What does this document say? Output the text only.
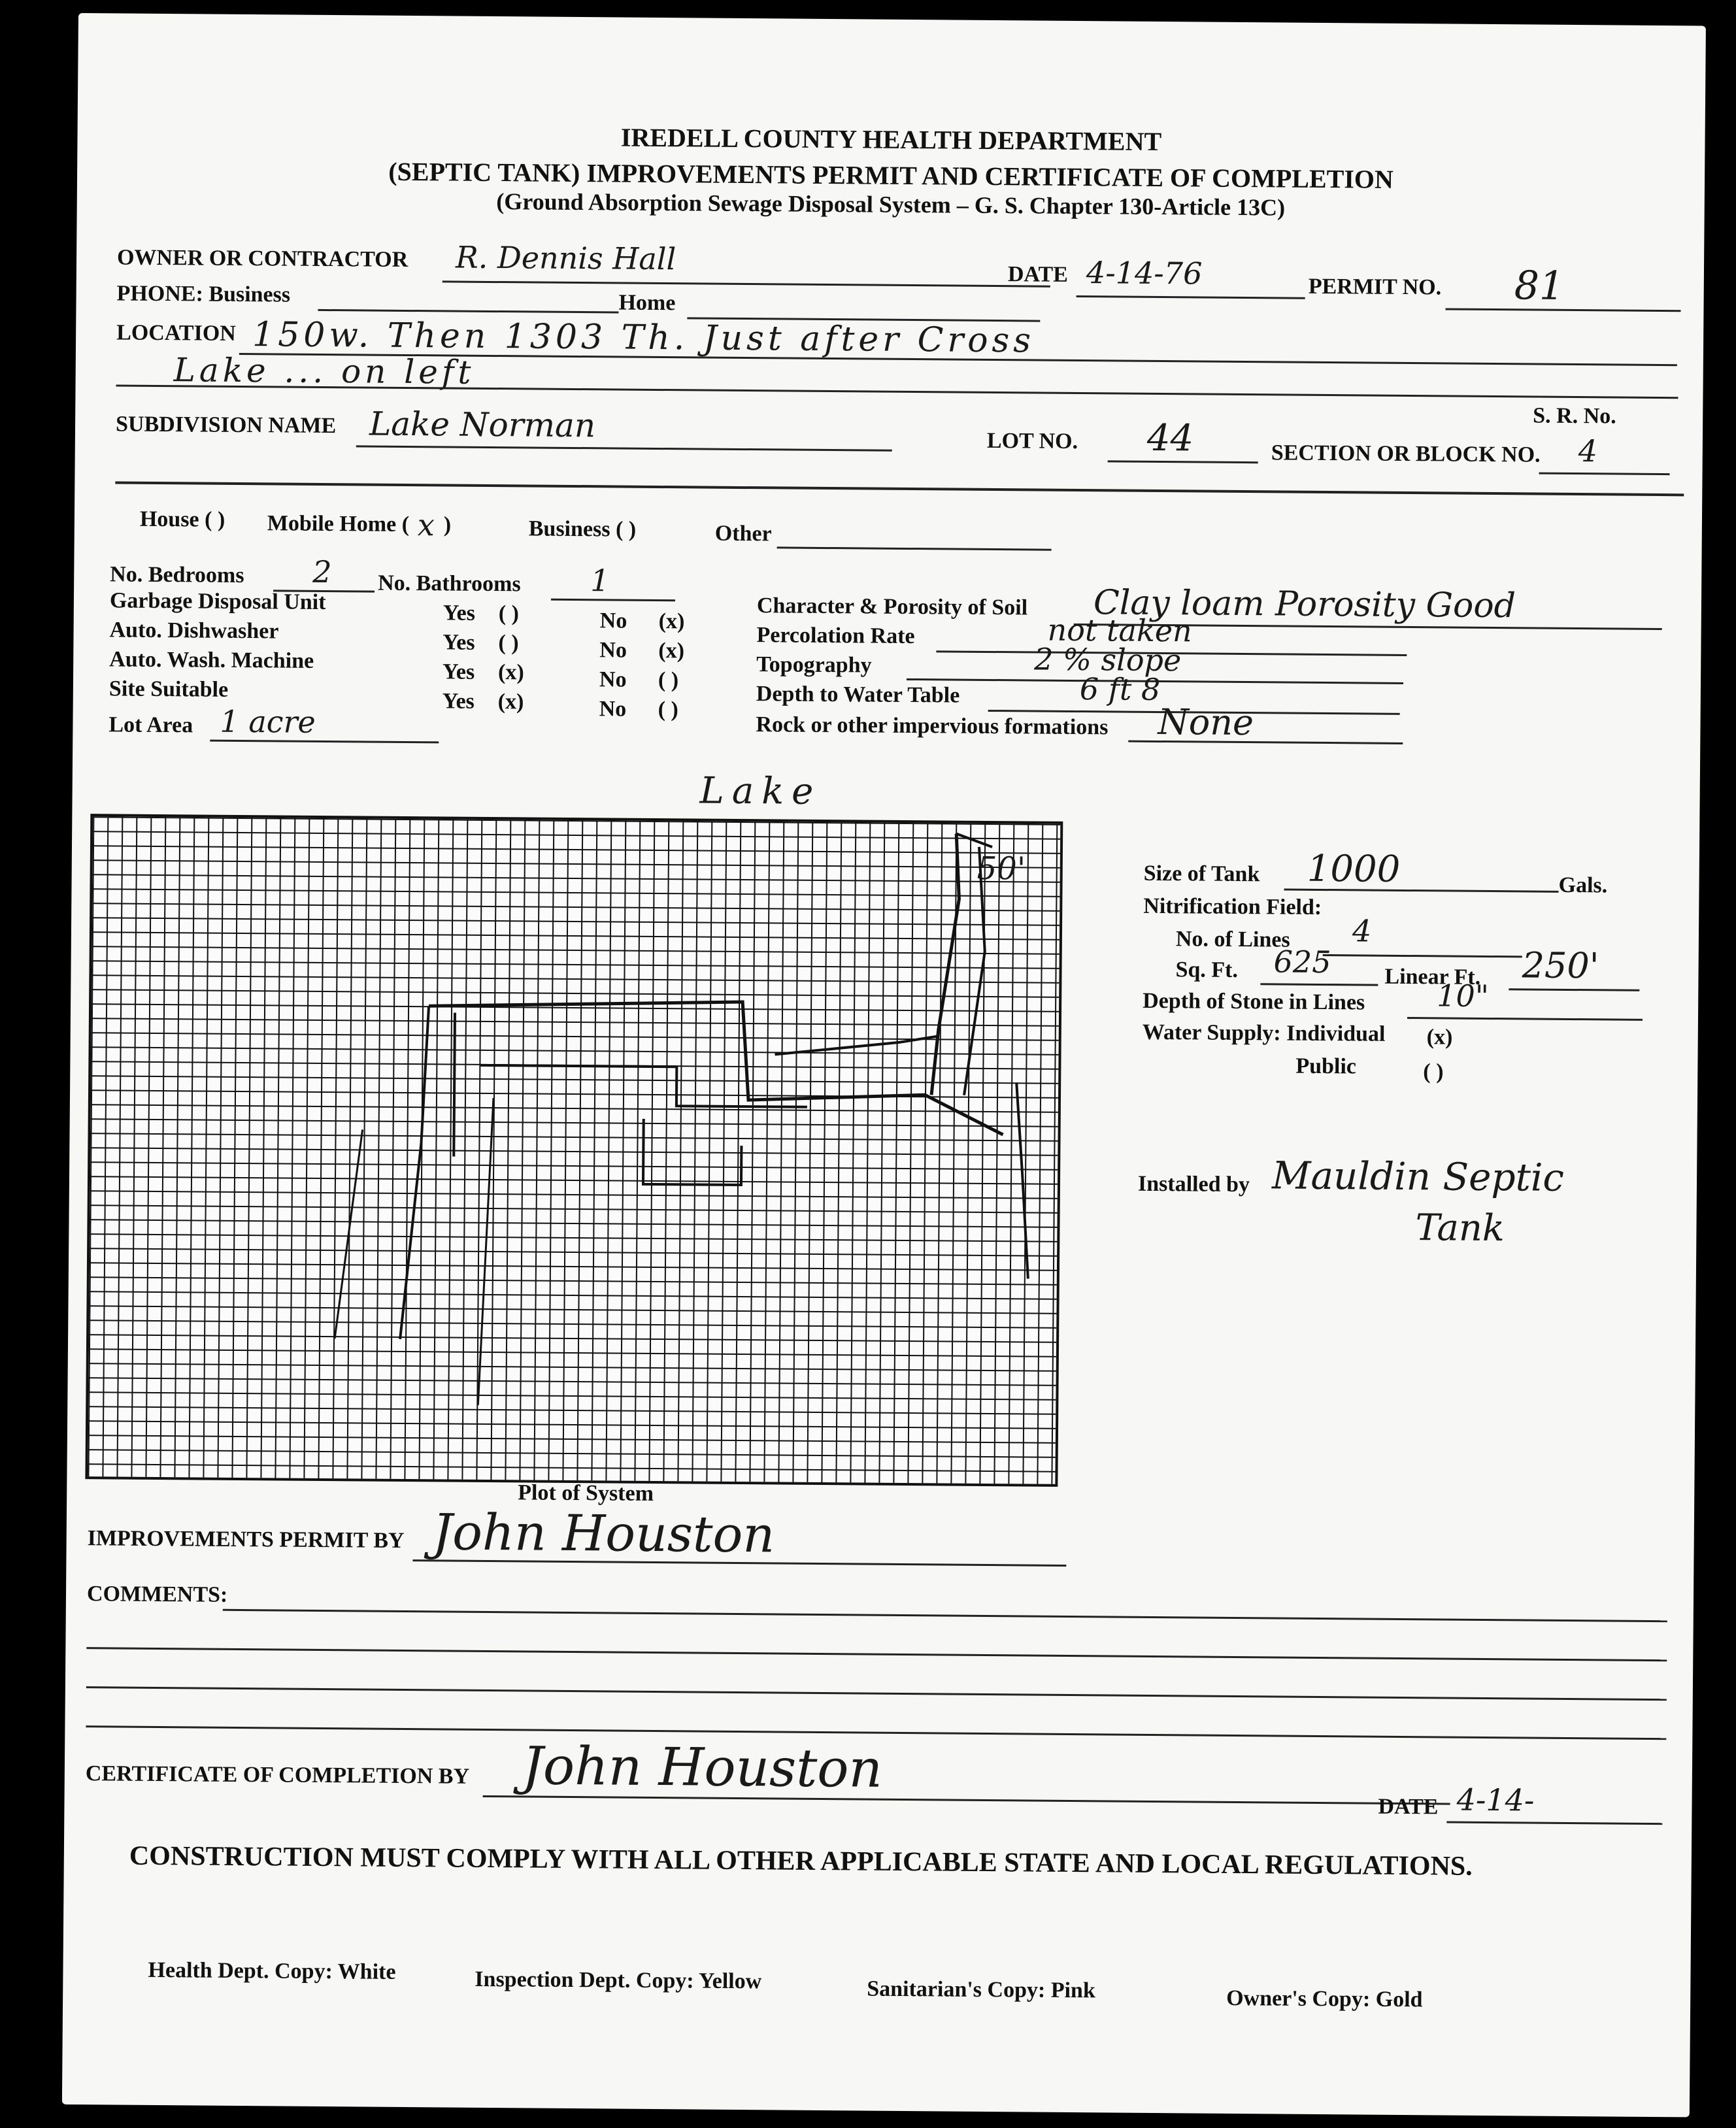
IREDELL COUNTY HEALTH DEPARTMENT
(SEPTIC TANK) IMPROVEMENTS PERMIT AND CERTIFICATE OF COMPLETION
(Ground Absorption Sewage Disposal System – G. S. Chapter 130-Article 13C)
OWNER OR CONTRACTOR R. Dennis Hall	DATE 4-14-76	PERMIT NO. 81
PHONE: Business	Home
LOCATION 150w. Then 1303 Th. Just after Cross
Lake ... on left
S. R. No.
SUBDIVISION NAME Lake Norman	LOT NO. 44	SECTION OR BLOCK NO. 4
House ( ) Mobile Home ( x )	Business ( )	Other
No. Bedrooms 2 No. Bathrooms 1
Garbage Disposal Unit	Yes ( )	No (x)
Auto. Dishwasher	Yes ( )	No (x)
Auto. Wash. Machine	Yes (x)	No ( )
Site Suitable	Yes (x)	No ( )
Lot Area 1 acre
Character & Porosity of Soil Clay loam Porosity Good
Percolation Rate	not taken
Topography	2 % slope
Depth to Water Table	6 ft 8
Rock or other impervious formations None
Lake
50'
Plot of System
Size of Tank 1000	Gals.
Nitrification Field:
No. of Lines 4
Sq. Ft. 625 Linear Ft. 250'
Depth of Stone in Lines 10"
Water Supply: Individual (x)
Public	( )
Installed by Mauldin Septic
Tank
IMPROVEMENTS PERMIT BY John Houston
COMMENTS:
CERTIFICATE OF COMPLETION BY John Houston
DATE 4-14-
CONSTRUCTION MUST COMPLY WITH ALL OTHER APPLICABLE STATE AND LOCAL REGULATIONS.
Health Dept. Copy: White	Inspection Dept. Copy: Yellow	Sanitarian's Copy: Pink	Owner's Copy: Gold
